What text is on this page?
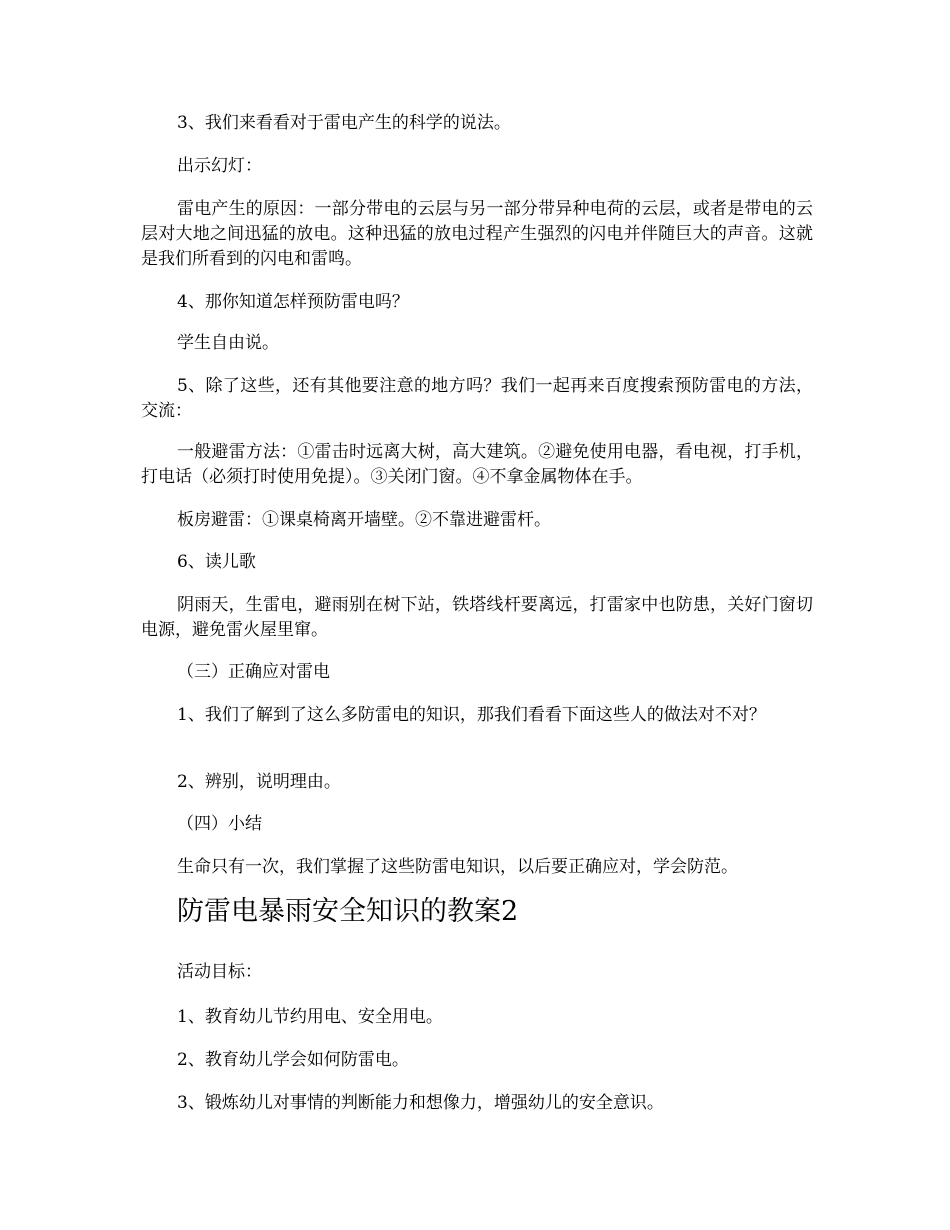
3、我们来看看对于雷电产生的科学的说法。

出示幻灯：

雷电产生的原因：一部分带电的云层与另一部分带异种电荷的云层，或者是带电的云层对大地之间迅猛的放电。这种迅猛的放电过程产生强烈的闪电并伴随巨大的声音。这就是我们所看到的闪电和雷鸣。

4、那你知道怎样预防雷电吗？

学生自由说。

5、除了这些，还有其他要注意的地方吗？我们一起再来百度搜索预防雷电的方法，交流：

一般避雷方法：①雷击时远离大树，高大建筑。②避免使用电器，看电视，打手机，打电话（必须打时使用免提）。③关闭门窗。④不拿金属物体在手。

板房避雷：①课桌椅离开墙壁。②不靠进避雷杆。

6、读儿歌

阴雨天，生雷电，避雨别在树下站，铁塔线杆要离远，打雷家中也防患，关好门窗切电源，避免雷火屋里窜。

（三）正确应对雷电

1、我们了解到了这么多防雷电的知识，那我们看看下面这些人的做法对不对？

2、辨别，说明理由。

（四）小结

生命只有一次，我们掌握了这些防雷电知识，以后要正确应对，学会防范。

防雷电暴雨安全知识的教案2

活动目标：

1、教育幼儿节约用电、安全用电。

2、教育幼儿学会如何防雷电。

3、锻炼幼儿对事情的判断能力和想像力，增强幼儿的安全意识。
